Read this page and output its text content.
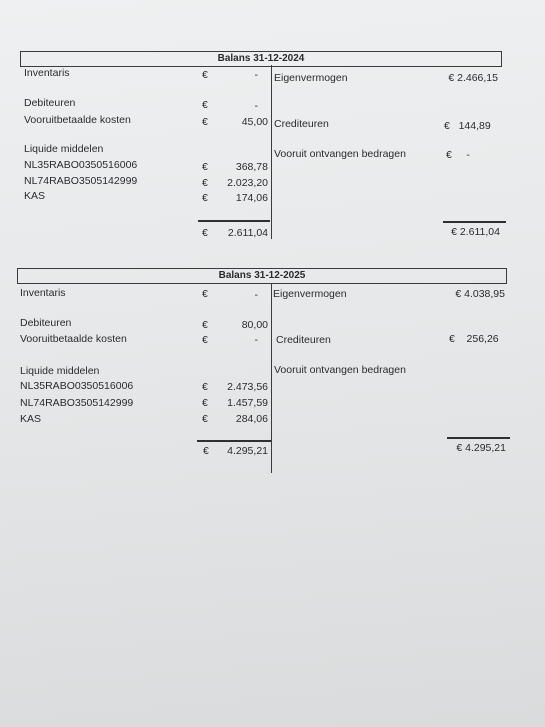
Balans 31-12-2024
Inventaris	€	-
Debiteuren	€	-
Vooruitbetaalde kosten	€	45,00
Liquide middelen
NL35RABO0350516006	€	368,78
NL74RABO3505142999	€	2.023,20
KAS	€	174,06
€	2.611,04
Eigenvermogen	€ 2.466,15
Crediteuren	€   144,89
Vooruit ontvangen bedragen	€     -
€ 2.611,04
Balans 31-12-2025
Inventaris	€	-
Debiteuren	€	80,00
Vooruitbetaalde kosten	€	-
Liquide middelen
NL35RABO0350516006	€	2.473,56
NL74RABO3505142999	€	1.457,59
KAS	€	284,06
€	4.295,21
Eigenvermogen	€ 4.038,95
Crediteuren	€    256,26
Vooruit ontvangen bedragen
€ 4.295,21
